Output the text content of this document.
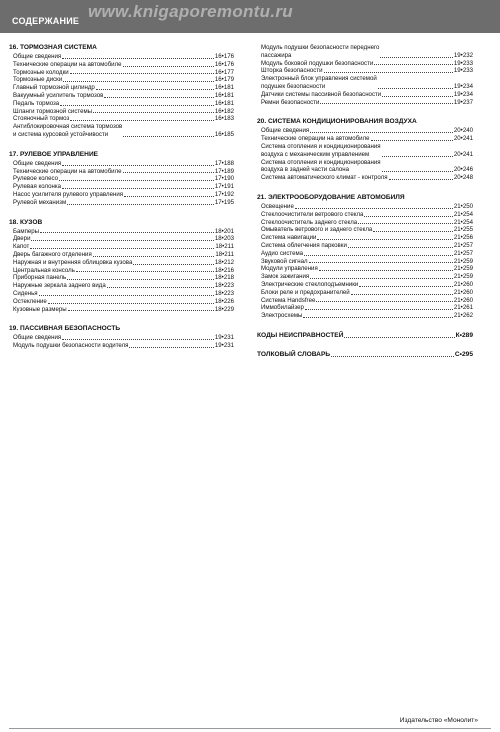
www.knigaporemontu.ru
СОДЕРЖАНИЕ
16. ТОРМОЗНАЯ СИСТЕМА
Общие сведения	16•176
Технические операции на автомобиле	16•176
Тормозные колодки	16•177
Тормозные диски	16•179
Главный тормозной цилиндр	16•181
Вакуумный усилитель тормозов	16•181
Педаль тормоза	16•181
Шланги тормозной системы	16•182
Стояночный тормоз	16•183
Антиблокировочная система тормозов
и система курсовой устойчивости	16•185
17. РУЛЕВОЕ УПРАВЛЕНИЕ
Общие сведения	17•188
Технические операции на автомобиле	17•189
Рулевое колесо	17•190
Рулевая колонка	17•191
Насос усилителя рулевого управления	17•192
Рулевой механизм	17•195
18. КУЗОВ
Бамперы	18•201
Двери	18•203
Капот	18•211
Дверь багажного отделения	18•211
Наружная и внутренняя облицовка кузова	18•212
Центральная консоль	18•216
Приборная панель	18•218
Наружные зеркала заднего вида	18•223
Сиденья	18•223
Остекление	18•226
Кузовные размеры	18•229
19. ПАССИВНАЯ БЕЗОПАСНОСТЬ
Общие сведения	19•231
Модуль подушки безопасности водителя	19•231
Модуль подушки безопасности переднего
пассажира	19•232
Модуль боковой подушки безопасности	19•233
Шторка безопасности	19•233
Электронный блок управления системой
подушек безопасности	19•234
Датчики системы пассивной безопасности	19•234
Ремни безопасности	19•237
20. СИСТЕМА КОНДИЦИОНИРОВАНИЯ ВОЗДУХА
Общие сведения	20•240
Технические операции на автомобиле	20•241
Система отопления и кондиционирования
воздуха с механическим управлением	20•241
Система отопления и кондиционирования
воздуха в задней части салона	20•246
Система автоматического климат - контроля	20•248
21. ЭЛЕКТРООБОРУДОВАНИЕ АВТОМОБИЛЯ
Освещение	21•250
Стеклоочистители ветрового стекла	21•254
Стеклоочиститель заднего стекла	21•254
Омыватель ветрового и заднего стекла	21•255
Система навигации	21•256
Система облегчения парковки	21•257
Аудио система	21•257
Звуковой сигнал	21•259
Модули управления	21•259
Замок зажигания	21•259
Электрические стеклоподъемники	21•260
Блоки реле и предохранителей	21•260
Система Handsfree	21•260
Иммобилайзер	21•261
Электросхемы	21•262
КОДЫ НЕИСПРАВНОСТЕЙ	К•289
ТОЛКОВЫЙ СЛОВАРЬ	С•295
Издательство «Монолит»
